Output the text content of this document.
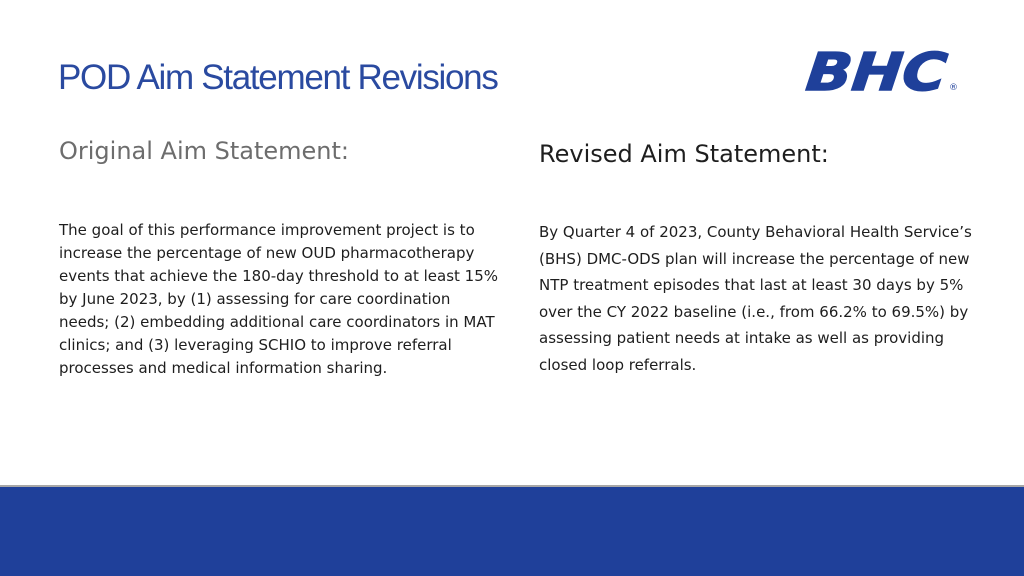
POD Aim Statement Revisions	BHC	®
Original Aim Statement:	Revised Aim Statement:

The goal of this performance improvement project is to increase the percentage of new OUD pharmacotherapy events that achieve the 180-day threshold to at least 15% by June 2023, by (1) assessing for care coordination needs; (2) embedding additional care coordinators in MAT clinics; and (3) leveraging SCHIO to improve referral processes and medical information sharing.

By Quarter 4 of 2023, County Behavioral Health Service’s (BHS) DMC-ODS plan will increase the percentage of new NTP treatment episodes that last at least 30 days by 5% over the CY 2022 baseline (i.e., from 66.2% to 69.5%) by assessing patient needs at intake as well as providing closed loop referrals.
